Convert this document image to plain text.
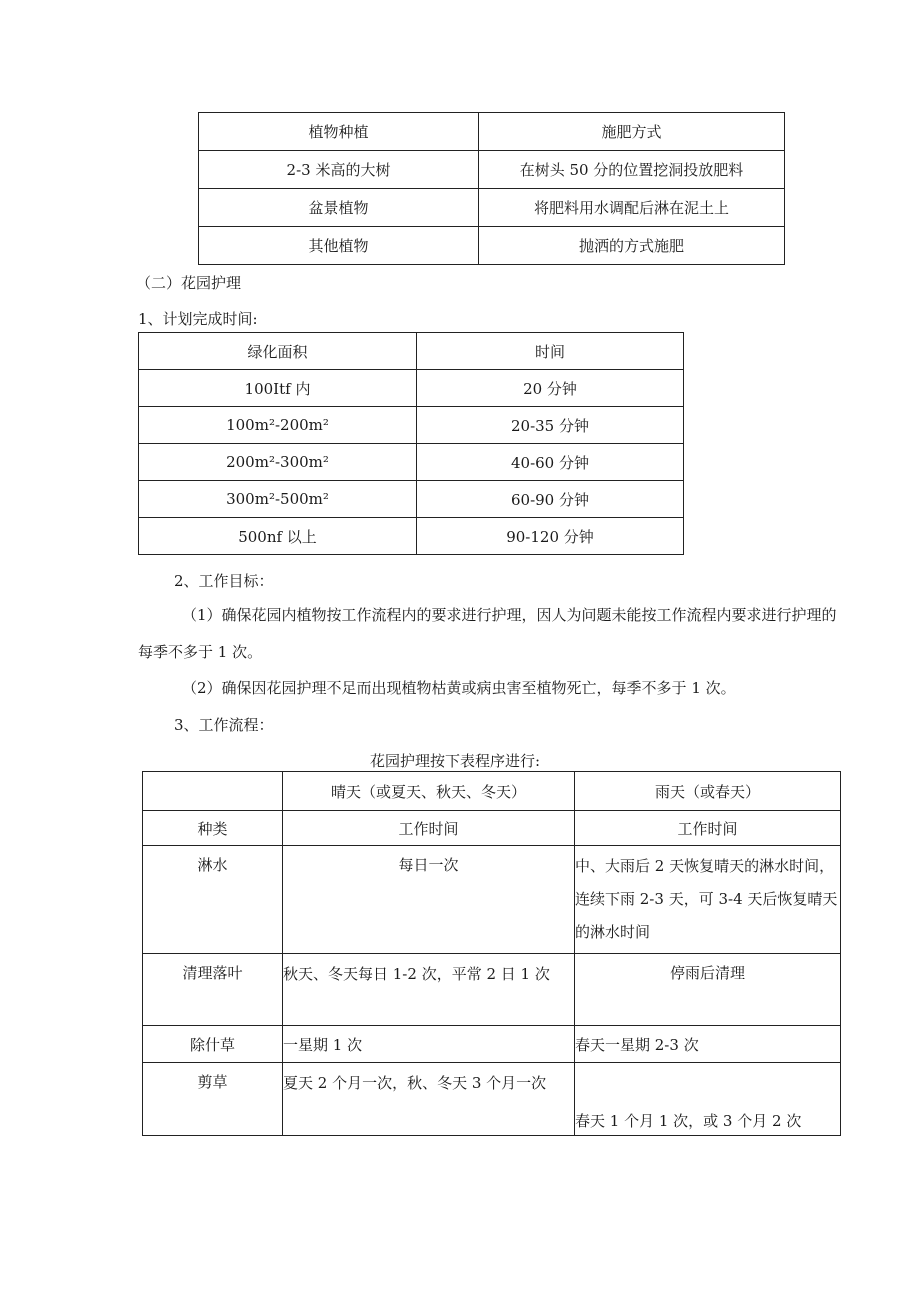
植物种植	施肥方式
2-3 米高的大树	在树头 50 分的位置挖洞投放肥料
盆景植物	将肥料用水调配后淋在泥土上
其他植物	抛洒的方式施肥
（二）花园护理
1、计划完成时间:
绿化面积	时间
100Itf 内	20 分钟
100m²-200m²	20-35 分钟
200m²-300m²	40-60 分钟
300m²-500m²	60-90 分钟
500nf 以上	90-120 分钟
2、工作目标：
（1）确保花园内植物按工作流程内的要求进行护理，因人为问题未能按工作流程内要求进行护理的每季不多于 1 次。
（2）确保因花园护理不足而出现植物枯黄或病虫害至植物死亡，每季不多于 1 次。
3、工作流程：
花园护理按下表程序进行:
	晴天（或夏天、秋天、冬天）	雨天（或春天）
种类	工作时间	工作时间
淋水	每日一次	中、大雨后 2 天恢复晴天的淋水时间，连续下雨 2-3 天，可 3-4 天后恢复晴天的淋水时间
清理落叶	秋天、冬天每日 1-2 次，平常 2 日 1 次	停雨后清理
除什草	一星期 1 次	春天一星期 2-3 次
剪草	夏天 2 个月一次，秋、冬天 3 个月一次	春天 1 个月 1 次，或 3 个月 2 次
